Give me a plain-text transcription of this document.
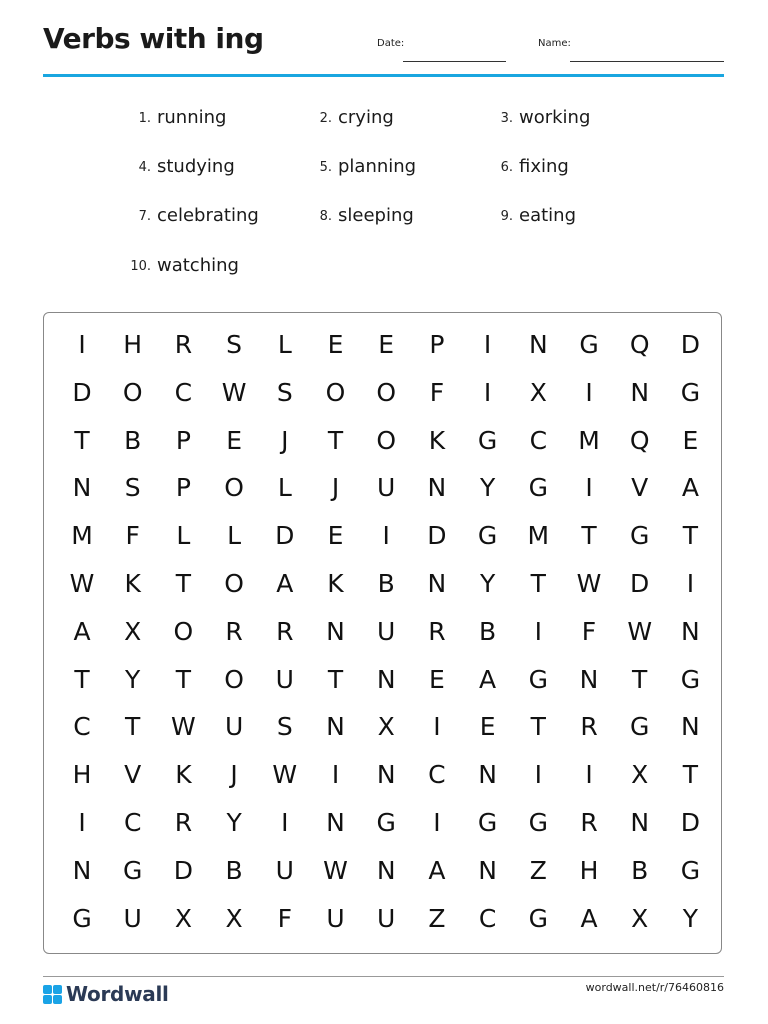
Verbs with ing	Date:	Name:
1. running	2. crying	3. working
4. studying	5. planning	6. fixing
7. celebrating	8. sleeping	9. eating
10. watching
I	H	R	S	L	E	E	P	I	N	G	Q	D
D	O	C	W	S	O	O	F	I	X	I	N	G
T	B	P	E	J	T	O	K	G	C	M	Q	E
N	S	P	O	L	J	U	N	Y	G	I	V	A
M	F	L	L	D	E	I	D	G	M	T	G	T
W	K	T	O	A	K	B	N	Y	T	W	D	I
A	X	O	R	R	N	U	R	B	I	F	W	N
T	Y	T	O	U	T	N	E	A	G	N	T	G
C	T	W	U	S	N	X	I	E	T	R	G	N
H	V	K	J	W	I	N	C	N	I	I	X	T
I	C	R	Y	I	N	G	I	G	G	R	N	D
N	G	D	B	U	W	N	A	N	Z	H	B	G
G	U	X	X	F	U	U	Z	C	G	A	X	Y
Wordwall	wordwall.net/r/76460816
